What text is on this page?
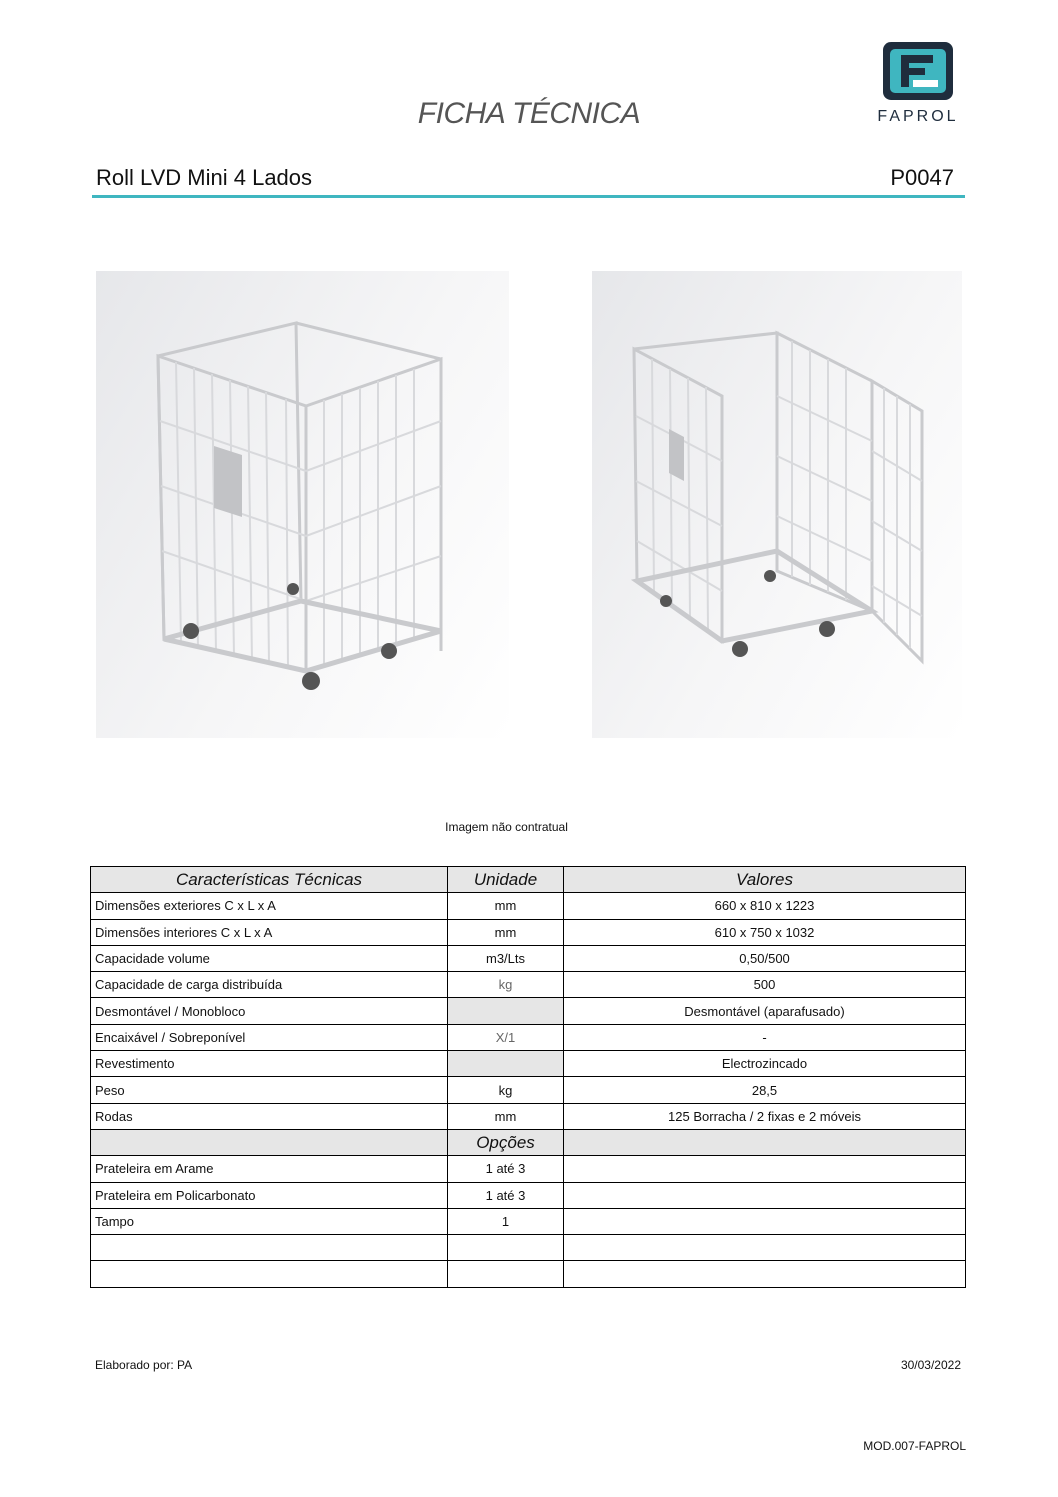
FICHA TÉCNICA	FAPROL
Roll LVD Mini 4 Lados	P0047
Imagem não contratual
Características Técnicas	Unidade	Valores
Dimensões exteriores C x L x A	mm	660 x 810 x 1223
Dimensões interiores C x L x A	mm	610 x 750 x 1032
Capacidade volume	m3/Lts	0,50/500
Capacidade de carga distribuída	kg	500
Desmontável / Monobloco		Desmontável (aparafusado)
Encaixável / Sobreponível	X/1	-
Revestimento		Electrozincado
Peso	kg	28,5
Rodas	mm	125 Borracha / 2 fixas e 2 móveis
	Opções	
Prateleira em Arame	1 até 3	
Prateleira em Policarbonato	1 até 3	
Tampo	1	

Elaborado por: PA	30/03/2022
MOD.007-FAPROL
